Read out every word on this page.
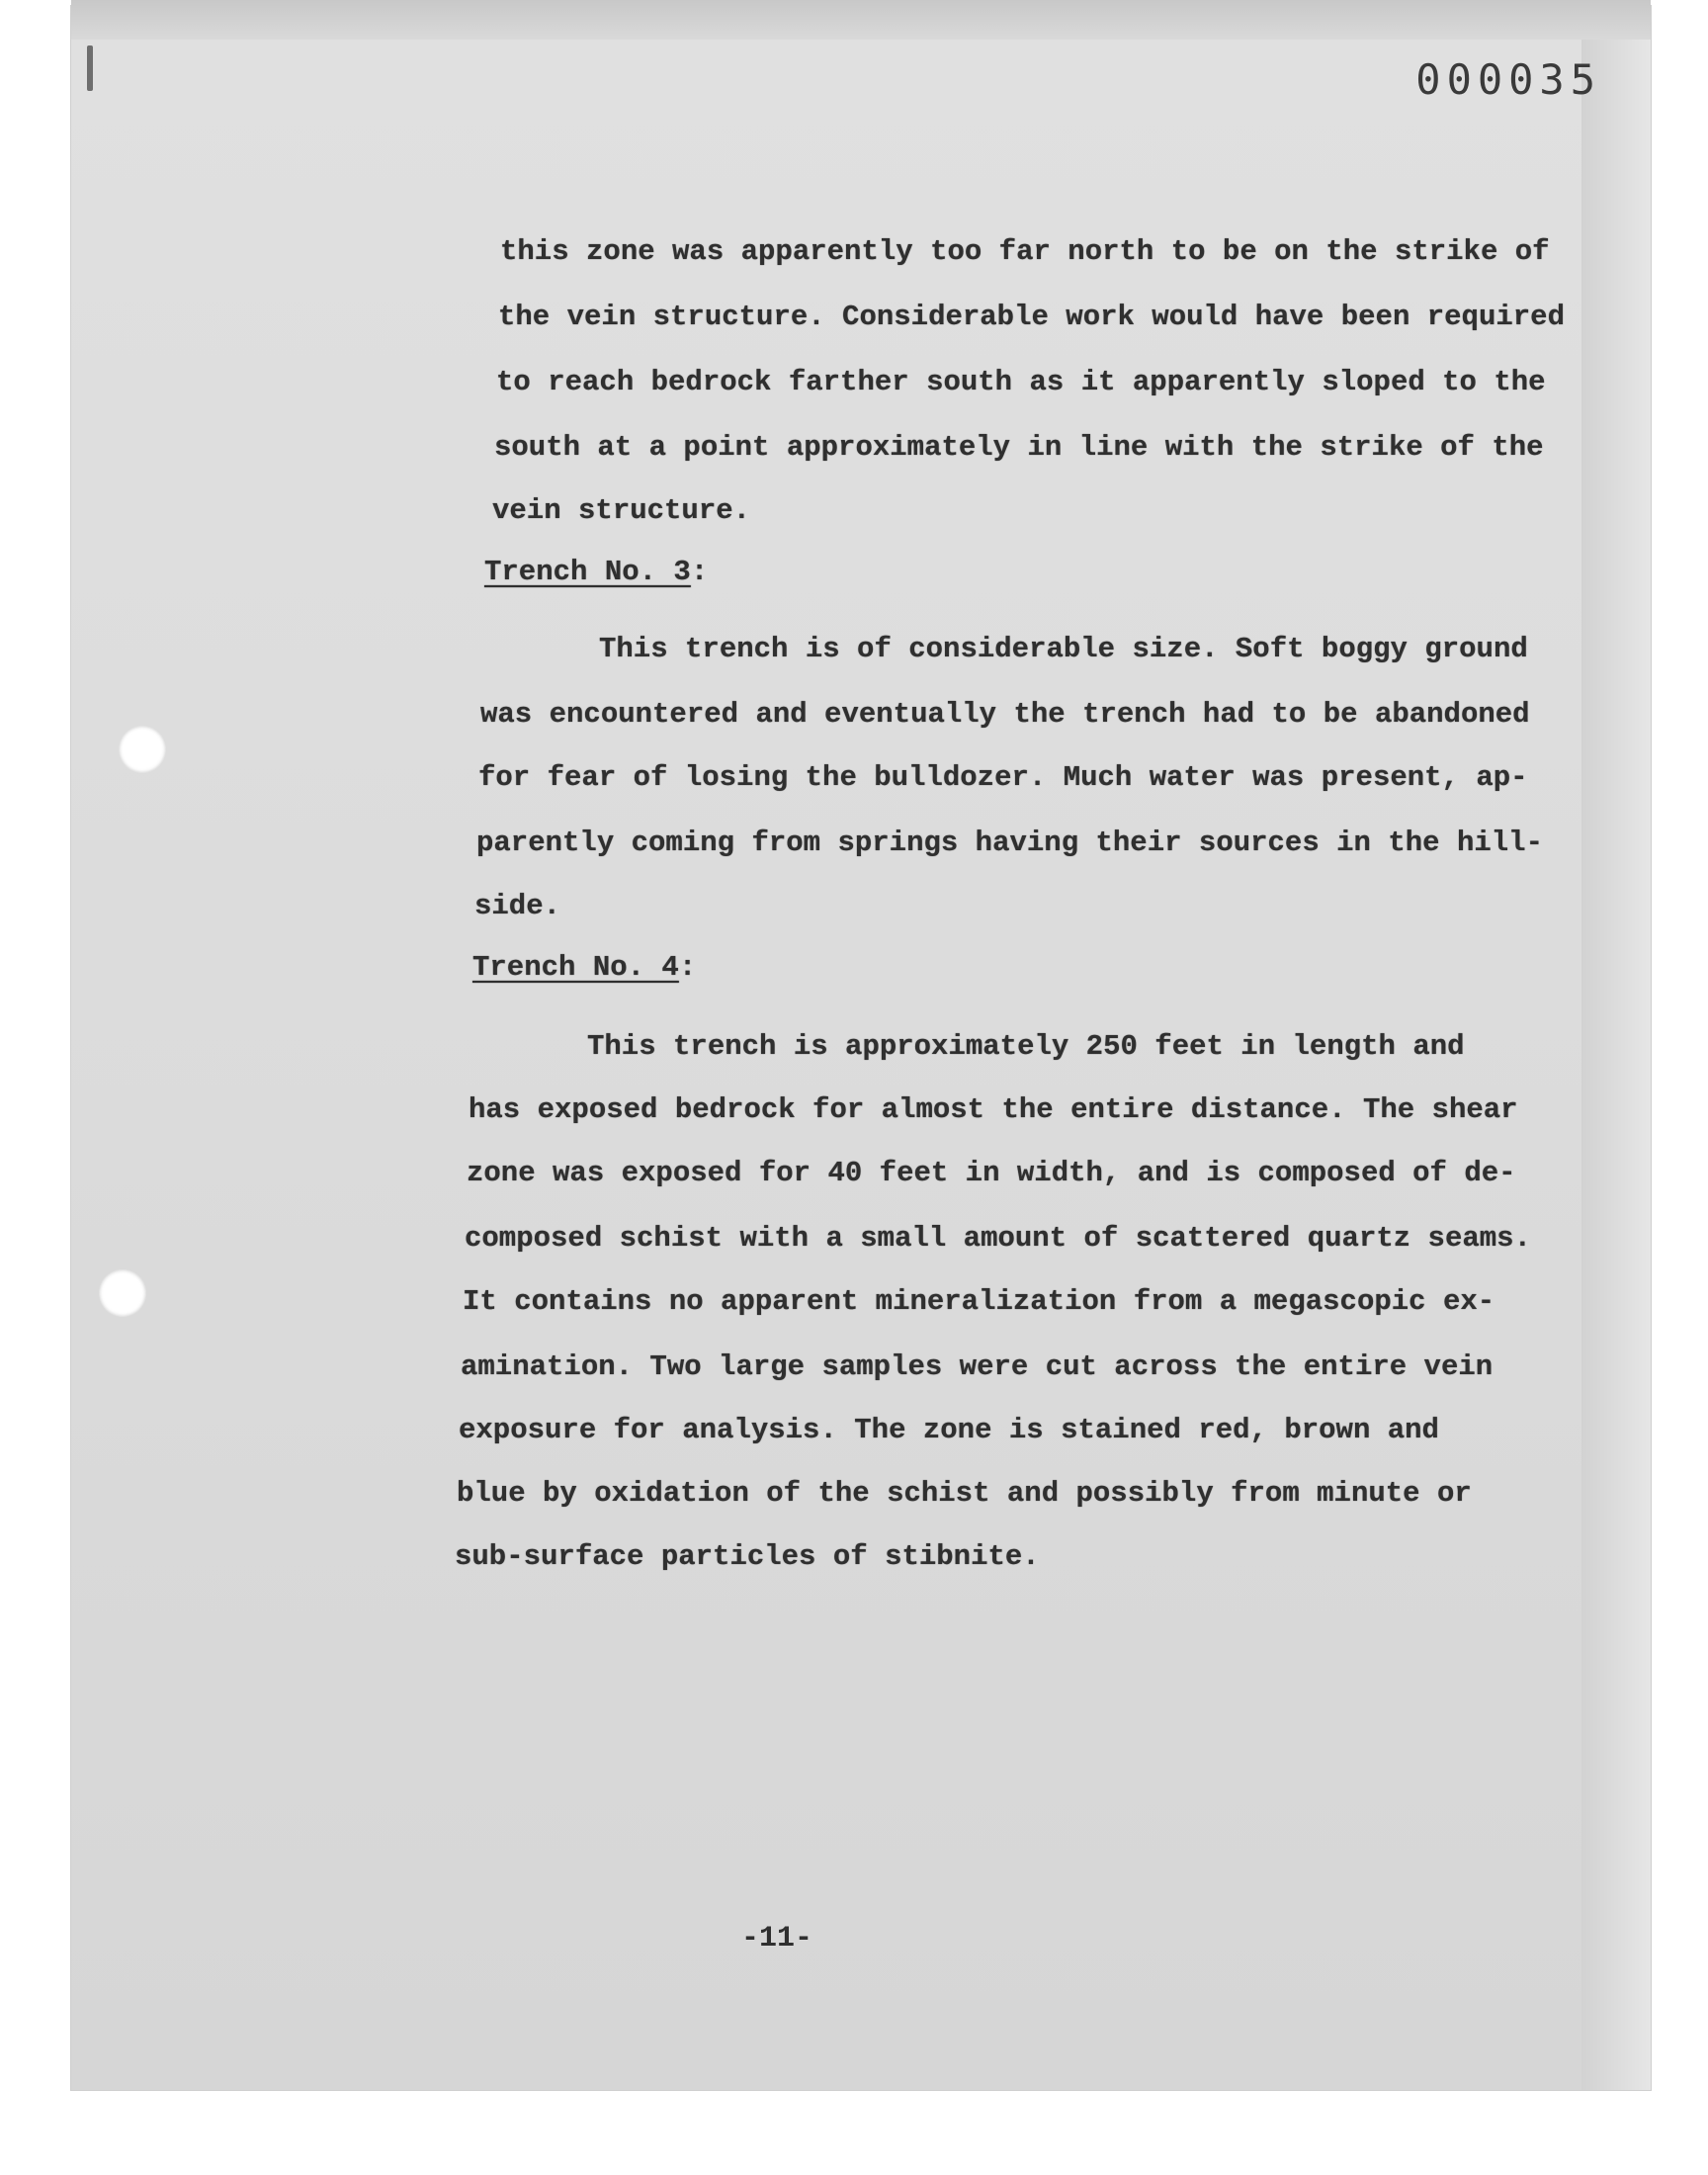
000035
this zone was apparently too far north to be on the strike of
the vein structure. Considerable work would have been required
to reach bedrock farther south as it apparently sloped to the
south at a point approximately in line with the strike of the
vein structure.
Trench No. 3:
This trench is of considerable size. Soft boggy ground
was encountered and eventually the trench had to be abandoned
for fear of losing the bulldozer. Much water was present, ap-
parently coming from springs having their sources in the hill-
side.
Trench No. 4:
This trench is approximately 250 feet in length and
has exposed bedrock for almost the entire distance. The shear
zone was exposed for 40 feet in width, and is composed of de-
composed schist with a small amount of scattered quartz seams.
It contains no apparent mineralization from a megascopic ex-
amination. Two large samples were cut across the entire vein
exposure for analysis. The zone is stained red, brown and
blue by oxidation of the schist and possibly from minute or
sub-surface particles of stibnite.
-11-
